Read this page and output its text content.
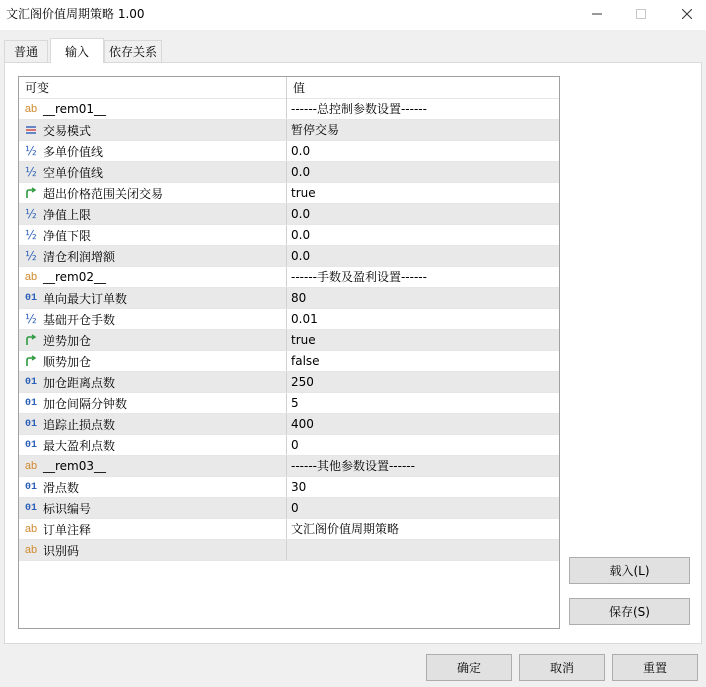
文汇阁价值周期策略 1.00
普通	输入	依存关系
可变	值
ab __rem01__	------总控制参数设置------
交易模式	暂停交易
½ 多单价值线	0.0
½ 空单价值线	0.0
超出价格范围关闭交易	true
½ 净值上限	0.0
½ 净值下限	0.0
½ 清仓利润增额	0.0
ab __rem02__	------手数及盈利设置------
01 单向最大订单数	80
½ 基础开仓手数	0.01
逆势加仓	true
顺势加仓	false
01 加仓距离点数	250
01 加仓间隔分钟数	5
01 追踪止损点数	400
01 最大盈利点数	0
ab __rem03__	------其他参数设置------
01 滑点数	30
01 标识编号	0
ab 订单注释	文汇阁价值周期策略
ab 识别码
载入(L)
保存(S)
确定	取消	重置
